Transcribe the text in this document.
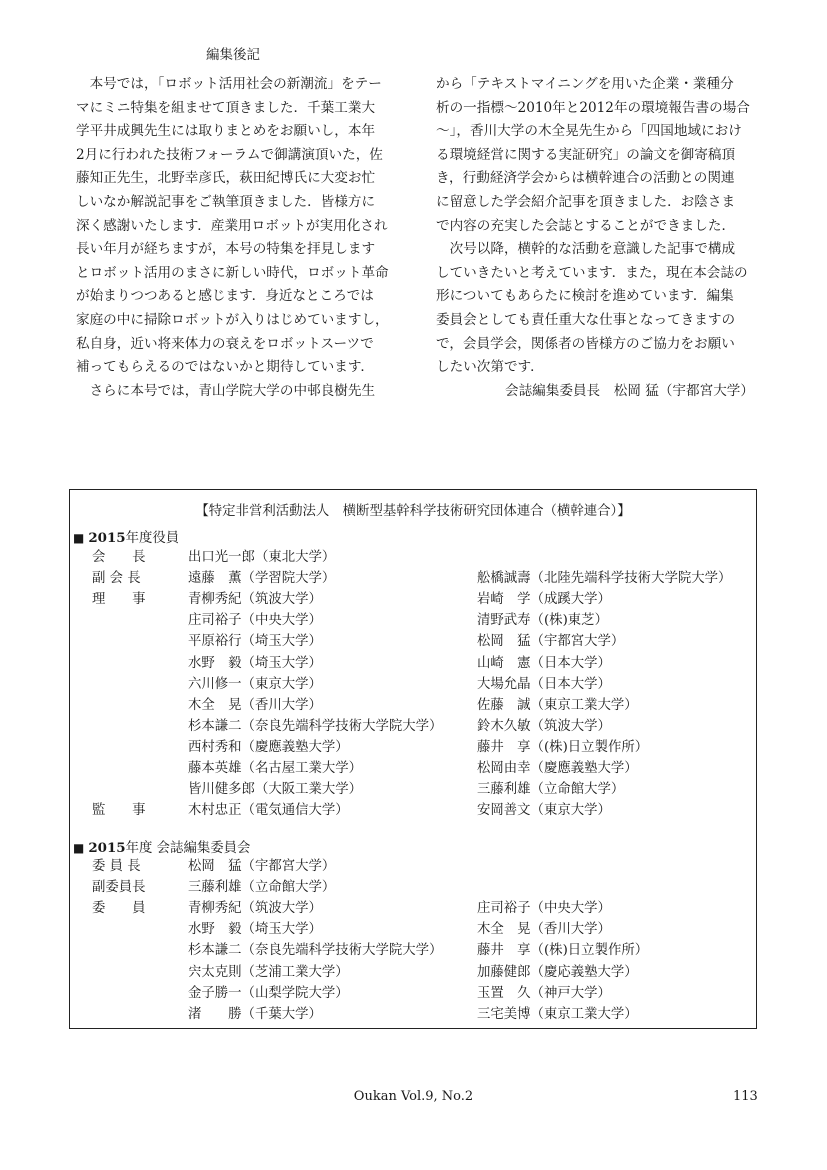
編集後記
　本号では，「ロボット活用社会の新潮流」をテー
マにミニ特集を組ませて頂きました．千葉工業大
学平井成興先生には取りまとめをお願いし，本年
2月に行われた技術フォーラムで御講演頂いた，佐
藤知正先生，北野幸彦氏，萩田紀博氏に大変お忙
しいなか解説記事をご執筆頂きました．皆様方に
深く感謝いたします．産業用ロボットが実用化され
長い年月が経ちますが，本号の特集を拝見します
とロボット活用のまさに新しい時代，ロボット革命
が始まりつつあると感じます．身近なところでは
家庭の中に掃除ロボットが入りはじめていますし，
私自身，近い将来体力の衰えをロボットスーツで
補ってもらえるのではないかと期待しています．
　さらに本号では，青山学院大学の中邨良樹先生
から「テキストマイニングを用いた企業・業種分
析の一指標〜2010年と2012年の環境報告書の場合
〜」，香川大学の木全晃先生から「四国地域におけ
る環境経営に関する実証研究」の論文を御寄稿頂
き，行動経済学会からは横幹連合の活動との関連
に留意した学会紹介記事を頂きました．お陰さま
で内容の充実した会誌とすることができました．
　次号以降，横幹的な活動を意識した記事で構成
していきたいと考えています．また，現在本会誌の
形についてもあらたに検討を進めています．編集
委員会としても責任重大な仕事となってきますの
で，会員学会，関係者の皆様方のご協力をお願い
したい次第です．
会誌編集委員長　松岡 猛（宇都宮大学）
【特定非営利活動法人　横断型基幹科学技術研究団体連合（横幹連合）】
■ 2015年度役員
会　　長	出口光一郎（東北大学）
副 会 長	遠藤　薫（学習院大学）	舩橋誠壽（北陸先端科学技術大学院大学）
理　　事	青柳秀紀（筑波大学）	岩崎　学（成蹊大学）
庄司裕子（中央大学）	清野武寿（(株)東芝）
平原裕行（埼玉大学）	松岡　猛（宇都宮大学）
水野　毅（埼玉大学）	山崎　憲（日本大学）
六川修一（東京大学）	大場允晶（日本大学）
木全　晃（香川大学）	佐藤　誠（東京工業大学）
杉本謙二（奈良先端科学技術大学院大学）	鈴木久敏（筑波大学）
西村秀和（慶應義塾大学）	藤井　享（(株)日立製作所）
藤本英雄（名古屋工業大学）	松岡由幸（慶應義塾大学）
皆川健多郎（大阪工業大学）	三藤利雄（立命館大学）
監　　事	木村忠正（電気通信大学）	安岡善文（東京大学）
■ 2015年度 会誌編集委員会
委 員 長	松岡　猛（宇都宮大学）
副委員長	三藤利雄（立命館大学）
委　　員	青柳秀紀（筑波大学）	庄司裕子（中央大学）
水野　毅（埼玉大学）	木全　晃（香川大学）
杉本謙二（奈良先端科学技術大学院大学）	藤井　享（(株)日立製作所）
宍太克則（芝浦工業大学）	加藤健郎（慶応義塾大学）
金子勝一（山梨学院大学）	玉置　久（神戸大学）
渚　　勝（千葉大学）	三宅美博（東京工業大学）
Oukan Vol.9, No.2	113
